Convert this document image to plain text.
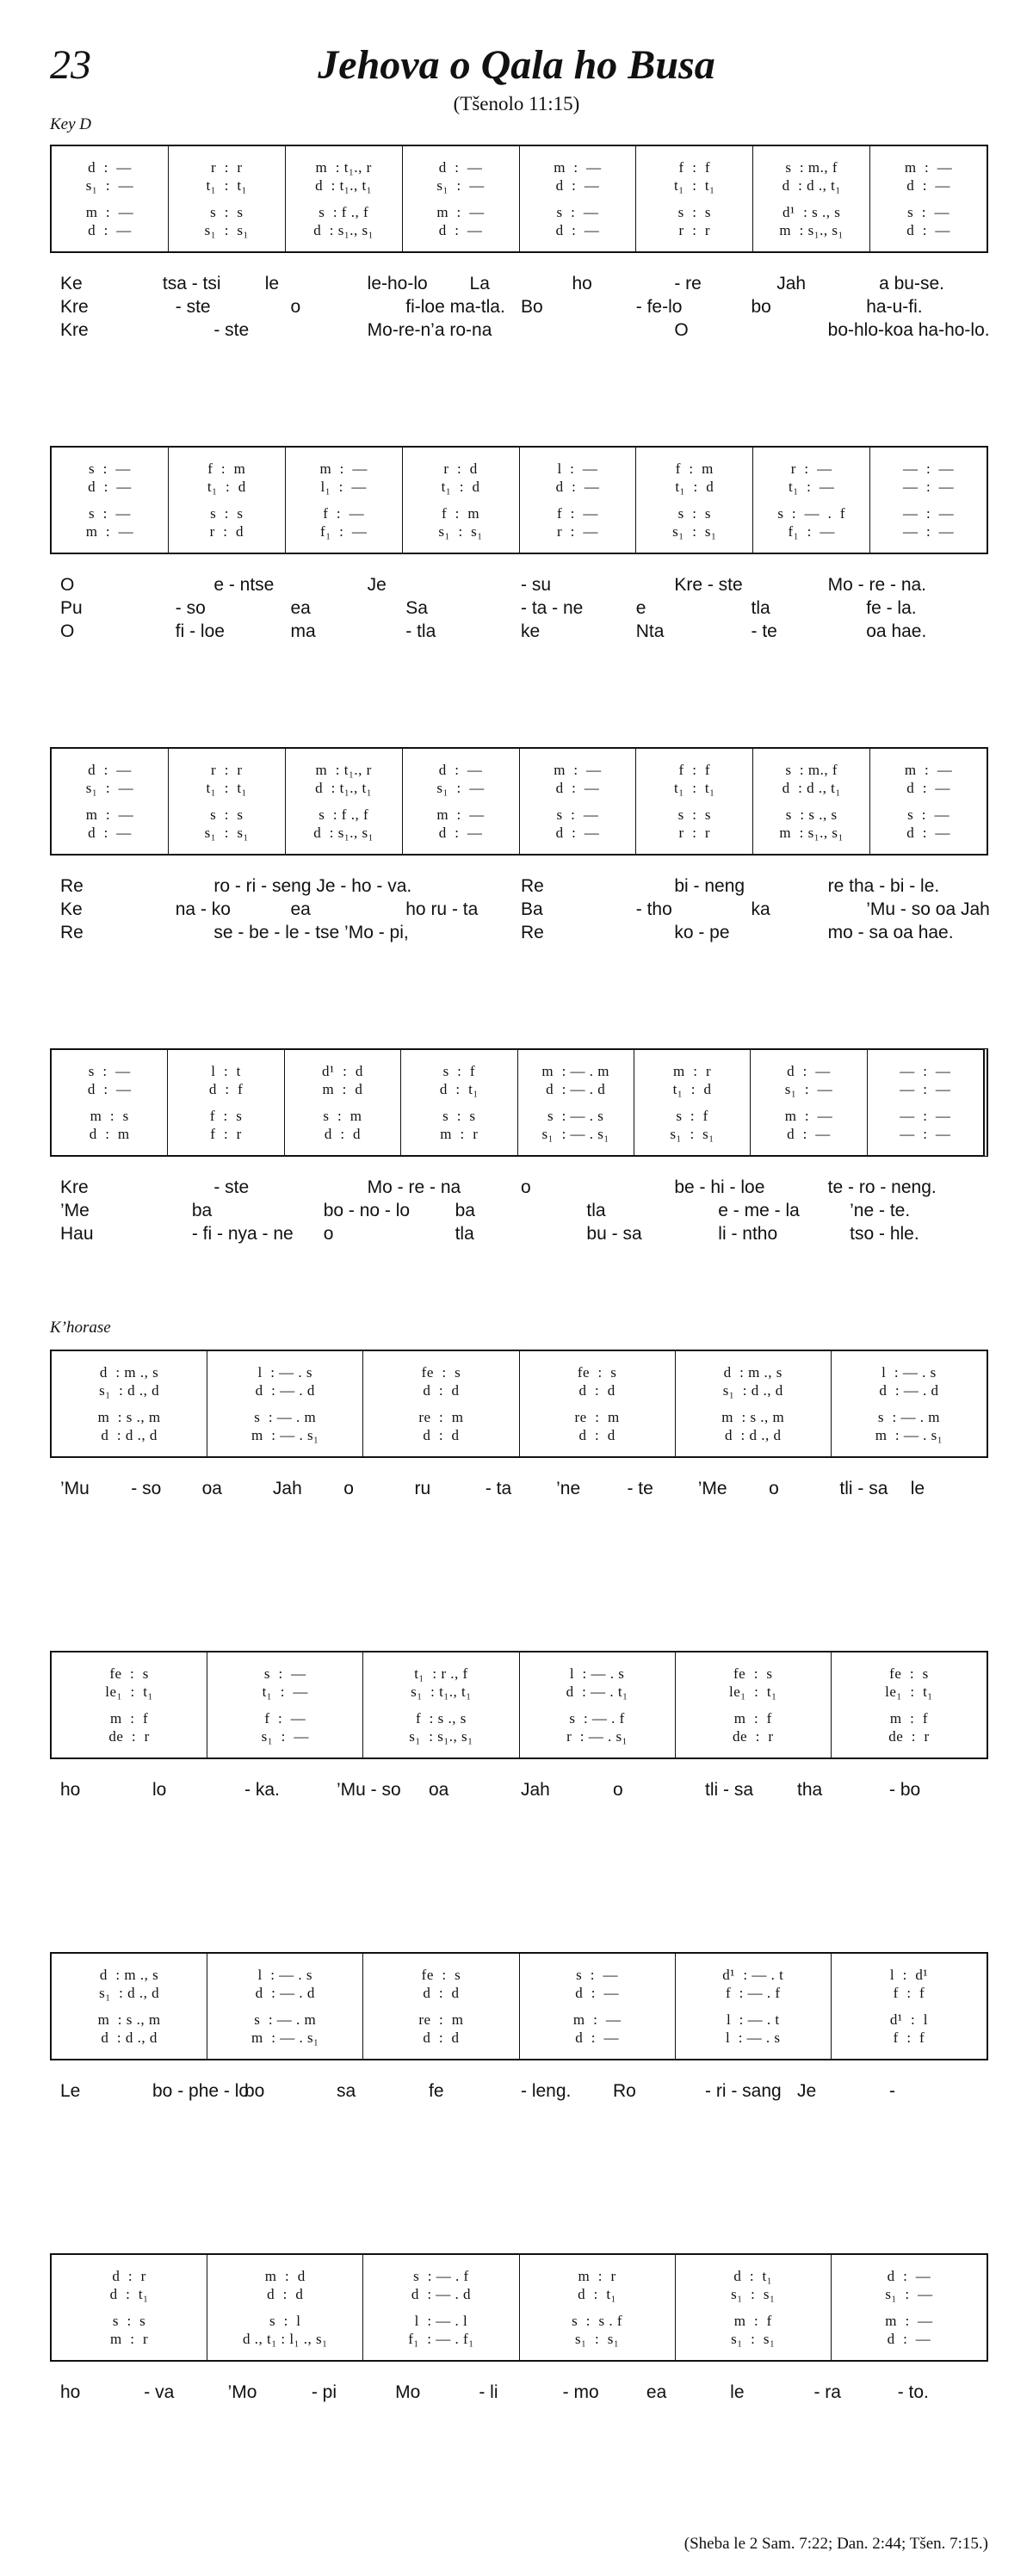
23	Jehova o Qala ho Busa
(Tšenolo 11:15)
Key D
K’horase
(Sheba le 2 Sam. 7:22; Dan. 2:44; Tšen. 7:15.)
d  :  —
s₁  :  —
m  :  —
d  :  —
r  :  r
t₁  :  t₁
s  :  s
s₁  :  s₁
m  : t₁., r
d  : t₁., t₁
s  : f ., f
d  : s₁., s₁
d  :  —
s₁  :  —
m  :  —
d  :  —
m  :  —
d  :  —
s  :  —
d  :  —
f  :  f
t₁  :  t₁
s  :  s
r  :  r
s  : m., f
d  : d ., t₁
d¹  : s ., s
m  : s₁., s₁
m  :  —
d  :  —
s  :  —
d  :  —
Ke	tsa - tsi le	le-ho-lo La	ho	- re	Jah	a bu-se.
Kre	- ste	o	fi-loe ma-tla. Bo	- fe-lo	bo	ha-u-fi.
Kre	- ste	Mo-re-n’a ro-na	O	bo-hlo-koa ha-ho-lo.
s  :  —
d  :  —
s  :  —
m  :  —
f  :  m
t₁  :  d
s  :  s
r  :  d
m  :  —
l₁  :  —
f  :  —
f₁  :  —
r  :  d
t₁  :  d
f  :  m
s₁  :  s₁
l  :  —
d  :  —
f  :  —
r  :  —
f  :  m
t₁  :  d
s  :  s
s₁  :  s₁
r  :  —
t₁  :  —
s  :  —  .  f
f₁  :  —
—  :  —
—  :  —
—  :  —
—  :  —
O	e - ntse	Je	- su	Kre - ste	Mo - re - na.
Pu	- so	ea	Sa	- ta - ne	e	tla	fe - la.
O	fi - loe	ma	- tla	ke	Nta	- te	oa hae.
d  :  —
s₁  :  —
m  :  —
d  :  —
r  :  r
t₁  :  t₁
s  :  s
s₁  :  s₁
m  : t₁., r
d  : t₁., t₁
s  : f ., f
d  : s₁., s₁
d  :  —
s₁  :  —
m  :  —
d  :  —
m  :  —
d  :  —
s  :  —
d  :  —
f  :  f
t₁  :  t₁
s  :  s
r  :  r
s  : m., f
d  : d ., t₁
s  : s ., s
m  : s₁., s₁
m  :  —
d  :  —
s  :  —
d  :  —
Re	ro - ri - seng Je - ho - va.	Re	bi - neng	re tha - bi - le.
Ke	na - ko	ea	ho ru - ta Ba	- tho	ka	’Mu - so oa Jah
Re	se - be - le - tse ’Mo - pi,	Re	ko - pe	mo - sa oa hae.
s  :  —
d  :  —
m  :  s
d  :  m
l  :  t
d  :  f
f  :  s
f  :  r
d¹  :  d
m  :  d
s  :  m
d  :  d
s  :  f
d  :  t₁
s  :  s
m  :  r
m  : — . m
d  : — . d
s  : — . s
s₁  : — . s₁
m  :  r
t₁  :  d
s  :  f
s₁  :  s₁
d  :  —
s₁  :  —
m  :  —
d  :  —
—  :  —
—  :  —
—  :  —
—  :  —
Kre	- ste	Mo - re - na	o	be - hi - loe	te - ro - neng.
’Me	ba	bo - no - lo ba	tla	e - me - la	’ne - te.
Hau	- fi - nya - ne o	tla	bu - sa	li - ntho	tso - hle.
d  : m ., s
s₁  : d ., d
m  : s ., m
d  : d ., d
l  : — . s
d  : — . d
s  : — . m
m  : — . s₁
fe  :  s
d  :  d
re  :  m
d  :  d
fe  :  s
d  :  d
re  :  m
d  :  d
d  : m ., s
s₁  : d ., d
m  : s ., m
d  : d ., d
l  : — . s
d  : — . d
s  : — . m
m  : — . s₁
’Mu - so oa	Jah o	ru	- ta ’ne	- te ’Me o	tli - sa le
fe  :  s
le₁  :  t₁
m  :  f
de  :  r
s  :  —
t₁  :  —
f  :  —
s₁  :  —
t₁  : r ., f
s₁  : t₁., t₁
f  : s ., s
s₁  : s₁., s₁
l  : — . s
d  : — . t₁
s  : — . f
r  : — . s₁
fe  :  s
le₁  :  t₁
m  :  f
de  :  r
fe  :  s
le₁  :  t₁
m  :  f
de  :  r
ho	lo	- ka.	’Mu - so oa	Jah	o	tli - sa tha	- bo
d  : m ., s
s₁  : d ., d
m  : s ., m
d  : d ., d
l  : — . s
d  : — . d
s  : — . m
m  : — . s₁
fe  :  s
d  :  d
re  :  m
d  :  d
s  :  —
d  :  —
m  :  —
d  :  —
d¹  : — . t
f  : — . f
l  : — . t
l  : — . s
l  :  d¹
f  :  f
d¹  :  l
f  :  f
Le	bo - phe - lo
bo	sa	fe	- leng. Ro	- ri - sang Je	-
d  :  r
d  :  t₁
s  :  s
m  :  r
m  :  d
d  :  d
s  :  l
d ., t₁ : l₁ ., s₁
s  : — . f
d  : — . d
l  : — . l
f₁  : — . f₁
m  :  r
d  :  t₁
s  :  s . f
s₁  :  s₁
d  :  t₁
s₁  :  s₁
m  :  f
s₁  :  s₁
d  :  —
s₁  :  —
m  :  —
d  :  —
ho	- va	’Mo	- pi	Mo	- li	- mo	ea	le	- ra	- to.
